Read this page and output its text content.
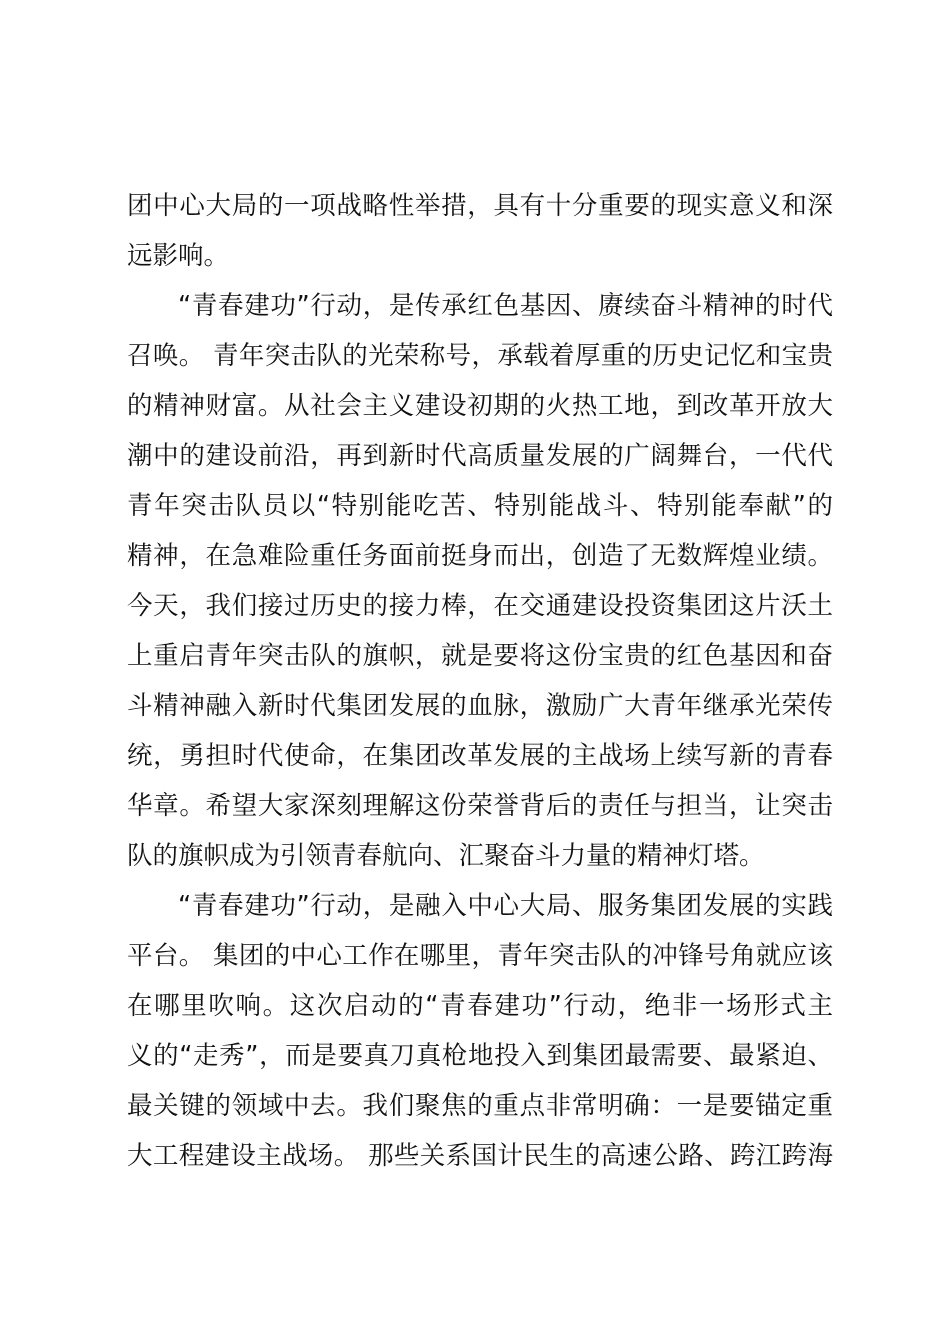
团中心大局的一项战略性举措，具有十分重要的现实意义和深
远影响。
“青春建功”行动，是传承红色基因、赓续奋斗精神的时代
召唤。 青年突击队的光荣称号，承载着厚重的历史记忆和宝贵
的精神财富。从社会主义建设初期的火热工地，到改革开放大
潮中的建设前沿，再到新时代高质量发展的广阔舞台，一代代
青年突击队员以“特别能吃苦、特别能战斗、特别能奉献”的
精神，在急难险重任务面前挺身而出，创造了无数辉煌业绩。
今天，我们接过历史的接力棒，在交通建设投资集团这片沃土
上重启青年突击队的旗帜，就是要将这份宝贵的红色基因和奋
斗精神融入新时代集团发展的血脉，激励广大青年继承光荣传
统，勇担时代使命，在集团改革发展的主战场上续写新的青春
华章。希望大家深刻理解这份荣誉背后的责任与担当，让突击
队的旗帜成为引领青春航向、汇聚奋斗力量的精神灯塔。
“青春建功”行动，是融入中心大局、服务集团发展的实践
平台。 集团的中心工作在哪里，青年突击队的冲锋号角就应该
在哪里吹响。这次启动的“青春建功”行动，绝非一场形式主
义的“走秀”，而是要真刀真枪地投入到集团最需要、最紧迫、
最关键的领域中去。我们聚焦的重点非常明确：一是要锚定重
大工程建设主战场。 那些关系国计民生的高速公路、跨江跨海
